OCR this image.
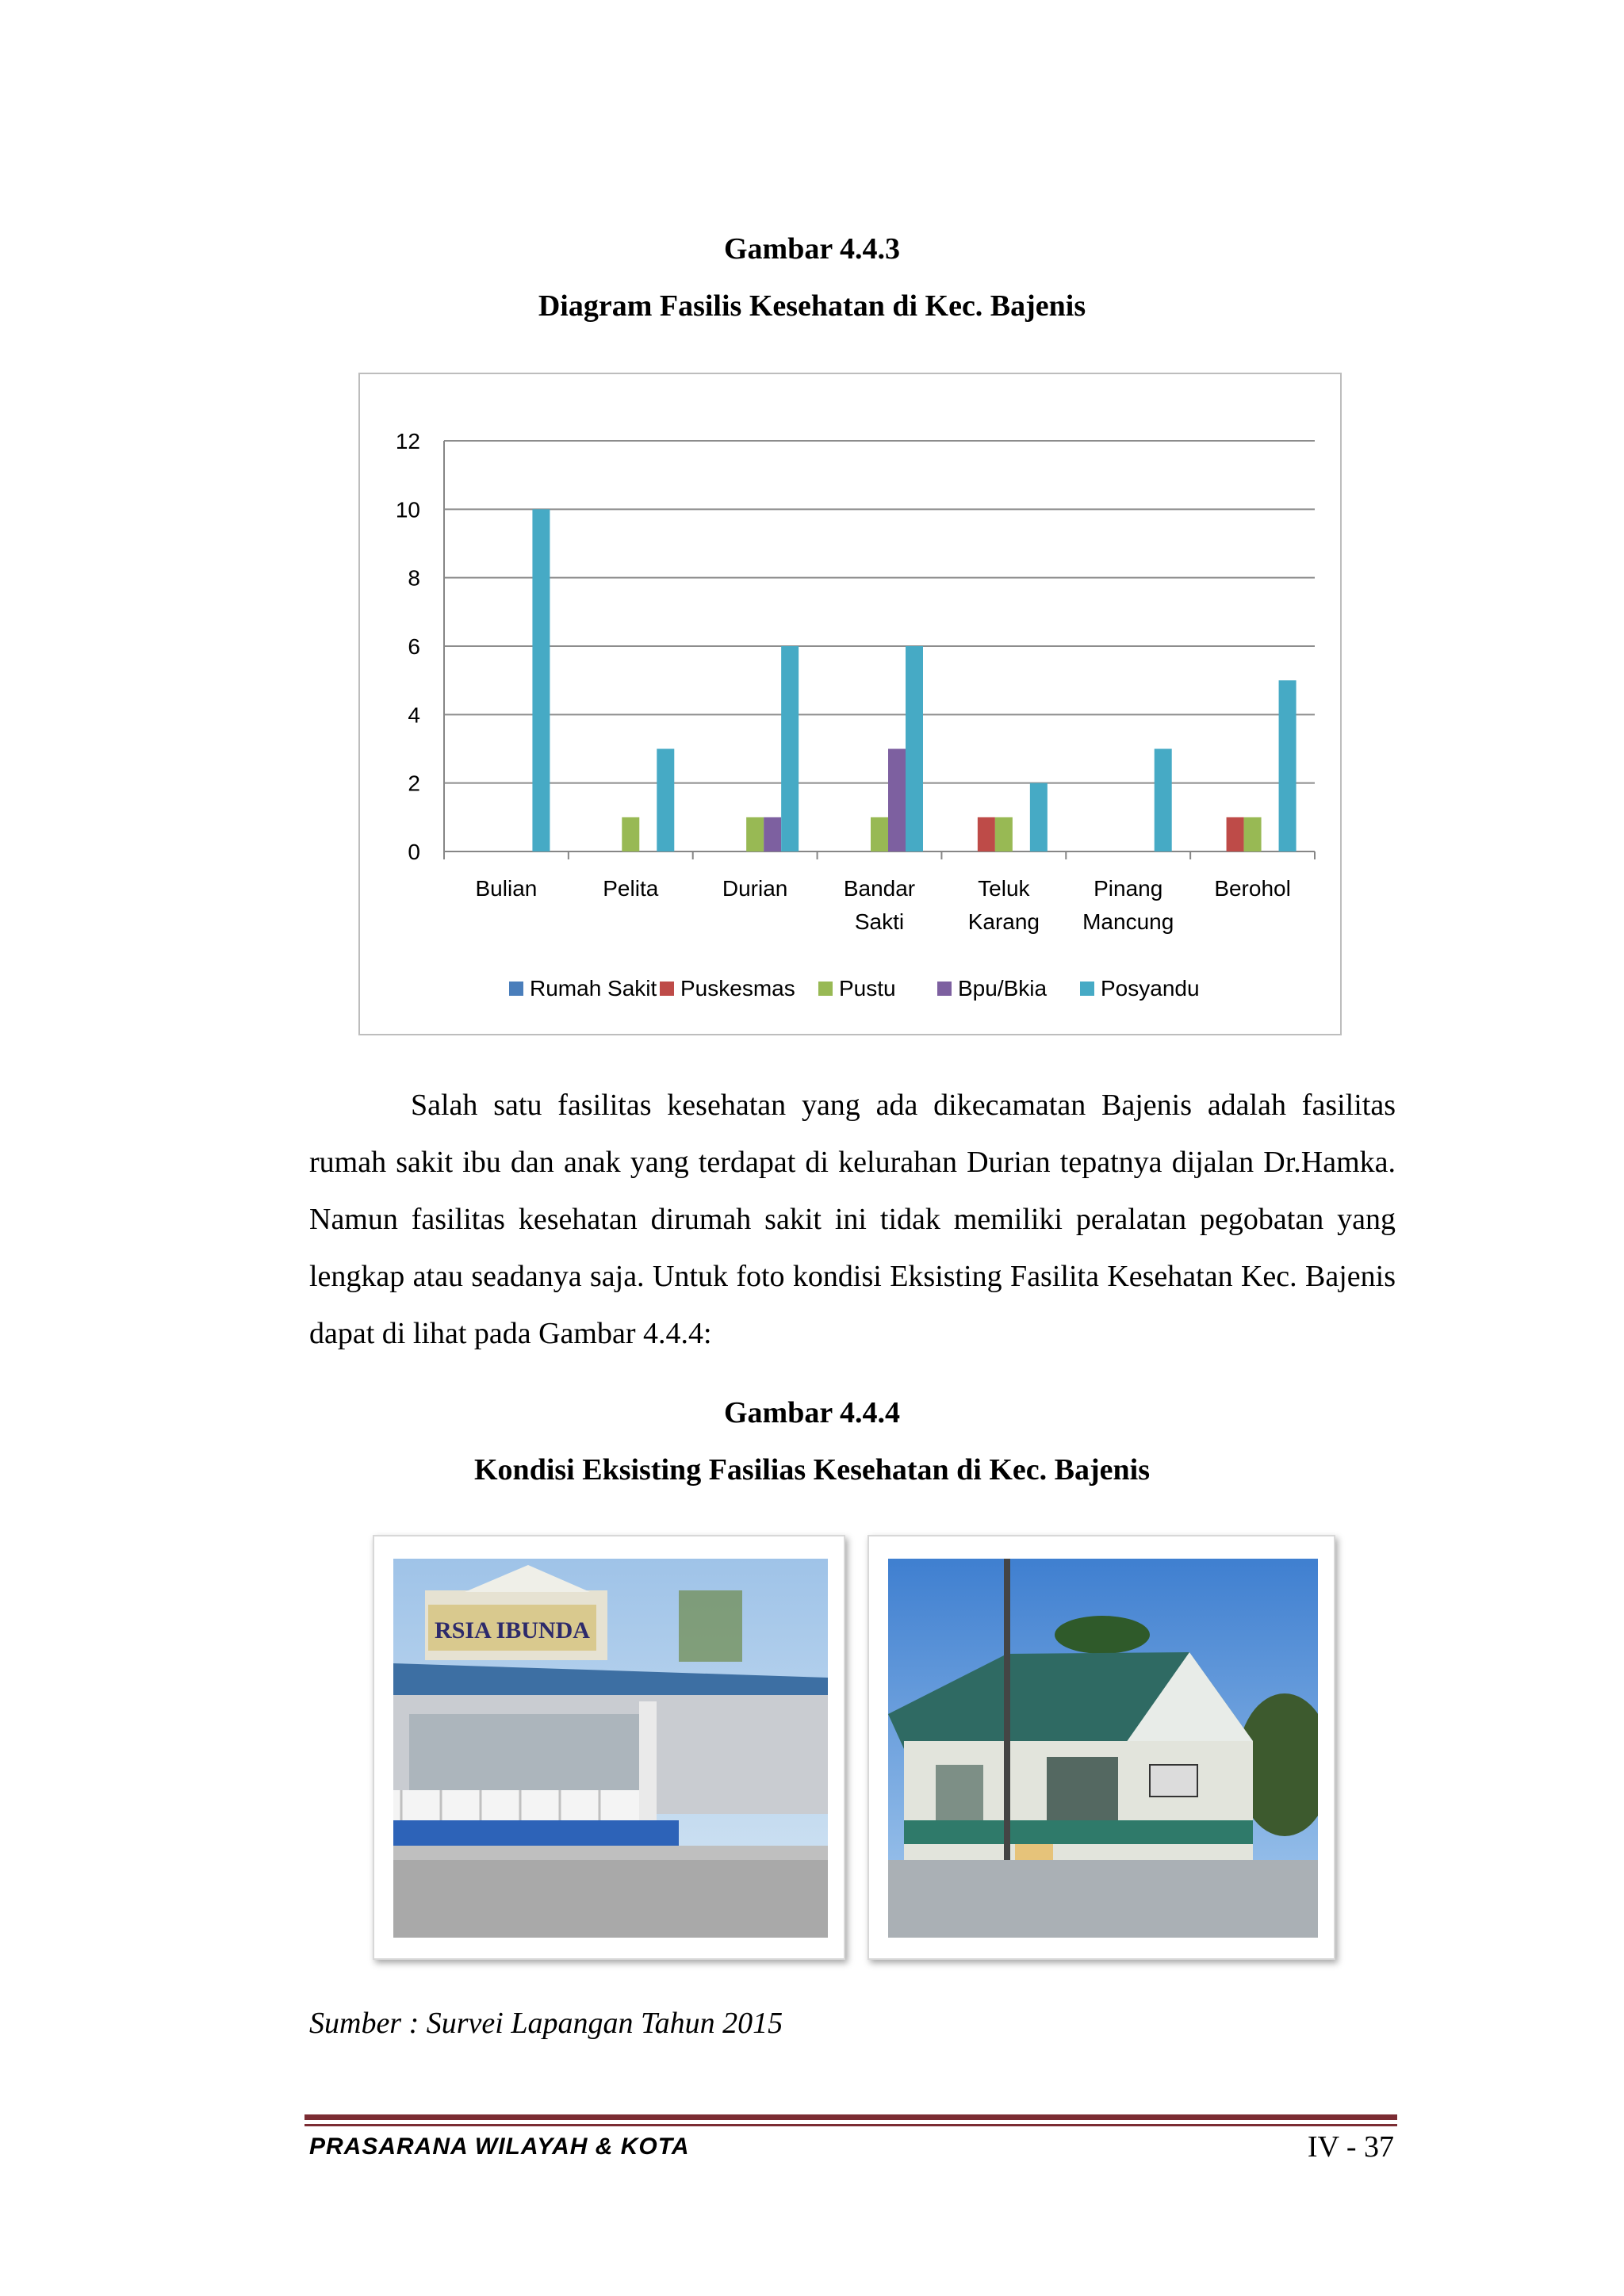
Gambar 4.4.3
Diagram Fasilis Kesehatan di Kec. Bajenis
0
2
4
6
8
10
12
Bulian	Pelita	Durian	Bandar
Sakti
Teluk
Karang
Pinang
Mancung
Berohol
Rumah Sakit Puskesmas Pustu	Bpu/Bkia Posyandu

Salah satu fasilitas kesehatan yang ada dikecamatan Bajenis adalah fasilitas rumah sakit ibu dan anak yang terdapat di kelurahan Durian tepatnya dijalan Dr.Hamka. Namun fasilitas kesehatan dirumah sakit ini tidak memiliki peralatan pegobatan yang lengkap atau seadanya saja. Untuk foto kondisi Eksisting Fasilita Kesehatan Kec. Bajenis dapat di lihat pada Gambar 4.4.4:

Gambar 4.4.4
Kondisi Eksisting Fasilias Kesehatan di Kec. Bajenis
RSIA IBUNDA

Sumber : Survei Lapangan Tahun 2015

PRASARANA WILAYAH & KOTA	IV - 37
